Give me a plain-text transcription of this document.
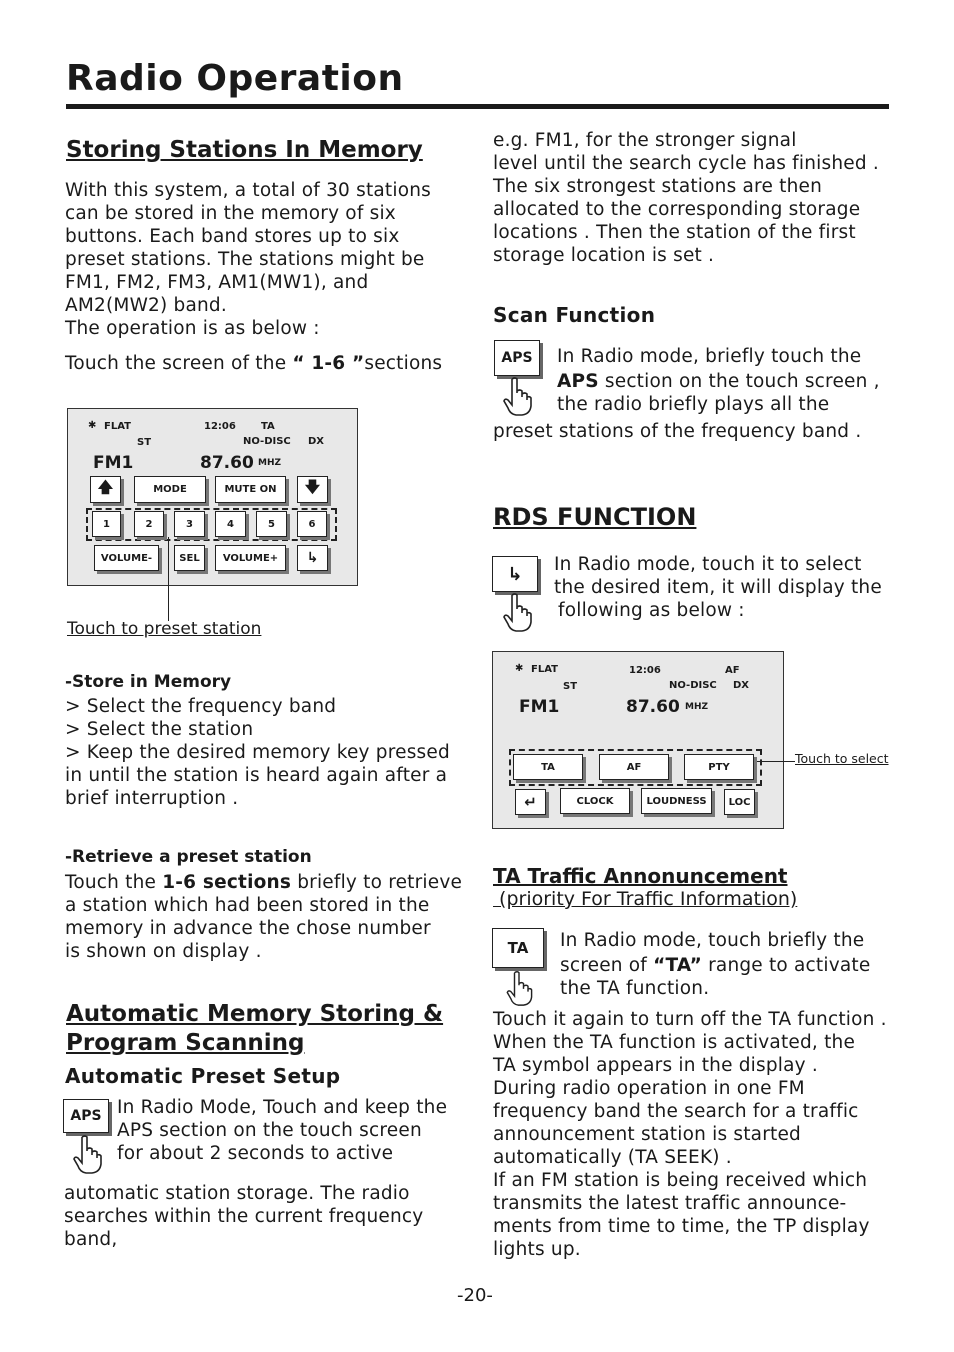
Radio Operation
Storing Stations In Memory
With this system, a total of 30 stations
can be stored in the memory of six
buttons. Each band stores up to six
preset stations. The stations might be
FM1, FM2, FM3, AM1(MW1), and
AM2(MW2) band.
The operation is as below :
Touch the screen of the “ 1-6 ”sections
✱ FLAT	12:06	TA
ST	NO-DISC DX
FM1	87.60 MHZ
🡅	MODE	MUTE ON	🡇
1	2	3	4	5	6
VOLUME-	SEL	VOLUME+	↳
Touch to preset station
-Store in Memory
> Select the frequency band
> Select the station
> Keep the desired memory key pressed
in until the station is heard again after a
brief interruption .
-Retrieve a preset station
Touch the 1-6 sections briefly to retrieve
a station which had been stored in the
memory in advance the chose number
is shown on display .
Automatic Memory Storing &
Program Scanning
Automatic Preset Setup
APS In Radio Mode, Touch and keep the
APS section on the touch screen
for about 2 seconds to active
automatic station storage. The radio
searches within the current frequency
band,
e.g. FM1, for the stronger signal
level until the search cycle has finished .
The six strongest stations are then
allocated to the corresponding storage
locations . Then the station of the first
storage location is set .
Scan Function
APS	In Radio mode, briefly touch the
APS section on the touch screen ,
the radio briefly plays all the
preset stations of the frequency band .
RDS FUNCTION
↳	In Radio mode, touch it to select
the desired item, it will display the
following as below :
✱ FLAT	12:06	AF
ST	NO-DISC DX
FM1	87.60 MHZ
TA	AF	PTY
↵	CLOCK	LOUDNESS	LOC
Touch to select
TA Traffic Annonuncement
(priority For Traffic Information)
TA	In Radio mode, touch briefly the
screen of “TA” range to activate
the TA function.
Touch it again to turn off the TA function .
When the TA function is activated, the
TA symbol appears in the display .
During radio operation in one FM
frequency band the search for a traffic
announcement station is started
automatically (TA SEEK) .
If an FM station is being received which
transmits the latest traffic announce-
ments from time to time, the TP display
lights up.
-20-
